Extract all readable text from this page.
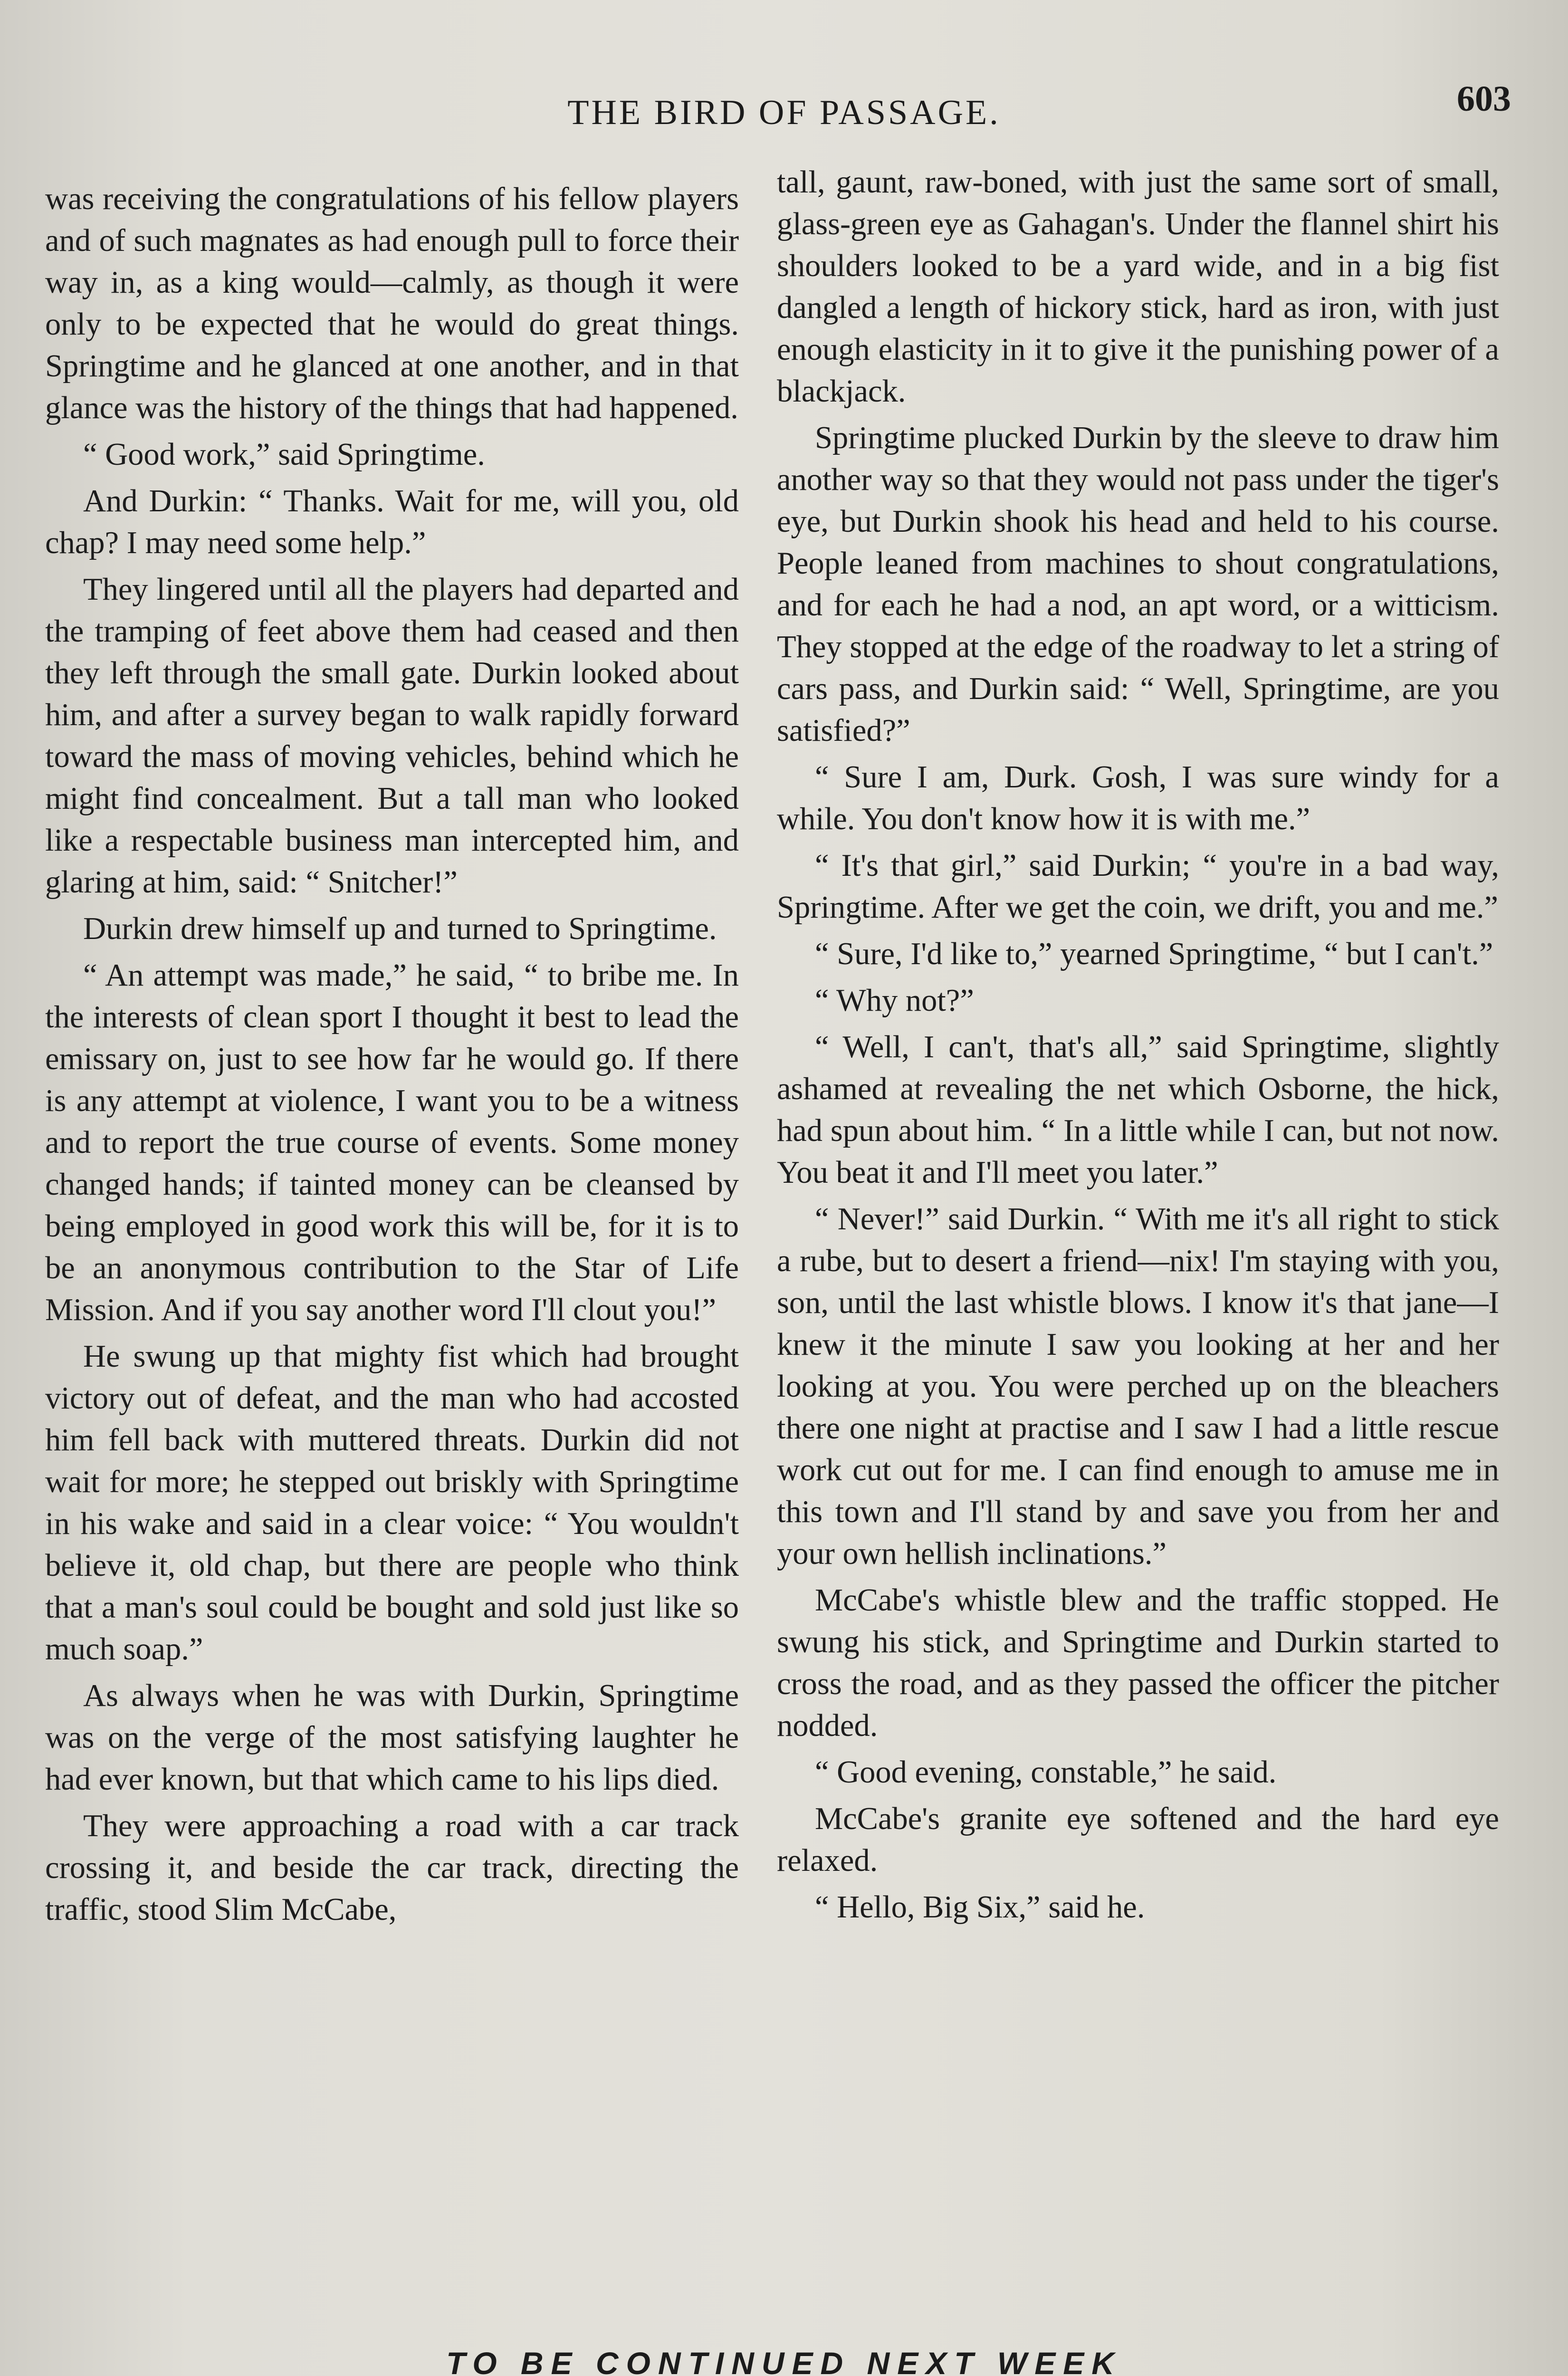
THE BIRD OF PASSAGE.	603

was receiving the congratulations of his fellow players and of such magnates as had enough pull to force their way in, as a king would—calmly, as though it were only to be expected that he would do great things. Springtime and he glanced at one another, and in that glance was the history of the things that had happened.

“ Good work,” said Springtime.

And Durkin: “ Thanks. Wait for me, will you, old chap? I may need some help.”

They lingered until all the players had departed and the tramping of feet above them had ceased and then they left through the small gate. Durkin looked about him, and after a survey began to walk rapidly forward toward the mass of moving vehicles, behind which he might find concealment. But a tall man who looked like a respectable business man intercepted him, and glaring at him, said: “ Snitcher!”

Durkin drew himself up and turned to Springtime.

“ An attempt was made,” he said, “ to bribe me. In the interests of clean sport I thought it best to lead the emissary on, just to see how far he would go. If there is any attempt at violence, I want you to be a witness and to report the true course of events. Some money changed hands; if tainted money can be cleansed by being employed in good work this will be, for it is to be an anonymous contribution to the Star of Life Mission. And if you say another word I'll clout you!”

He swung up that mighty fist which had brought victory out of defeat, and the man who had accosted him fell back with muttered threats. Durkin did not wait for more; he stepped out briskly with Springtime in his wake and said in a clear voice: “ You wouldn't believe it, old chap, but there are people who think that a man's soul could be bought and sold just like so much soap.”

As always when he was with Durkin, Springtime was on the verge of the most satisfying laughter he had ever known, but that which came to his lips died.

They were approaching a road with a car track crossing it, and beside the car track, directing the traffic, stood Slim McCabe,

tall, gaunt, raw-boned, with just the same sort of small, glass-green eye as Gahagan's. Under the flannel shirt his shoulders looked to be a yard wide, and in a big fist dangled a length of hickory stick, hard as iron, with just enough elasticity in it to give it the punishing power of a blackjack.

Springtime plucked Durkin by the sleeve to draw him another way so that they would not pass under the tiger's eye, but Durkin shook his head and held to his course. People leaned from machines to shout congratulations, and for each he had a nod, an apt word, or a witticism. They stopped at the edge of the roadway to let a string of cars pass, and Durkin said: “ Well, Springtime, are you satisfied?”

“ Sure I am, Durk. Gosh, I was sure windy for a while. You don't know how it is with me.”

“ It's that girl,” said Durkin; “ you're in a bad way, Springtime. After we get the coin, we drift, you and me.”

“ Sure, I'd like to,” yearned Springtime, “ but I can't.”

“ Why not?”

“ Well, I can't, that's all,” said Springtime, slightly ashamed at revealing the net which Osborne, the hick, had spun about him. “ In a little while I can, but not now. You beat it and I'll meet you later.”

“ Never!” said Durkin. “ With me it's all right to stick a rube, but to desert a friend—nix! I'm staying with you, son, until the last whistle blows. I know it's that jane—I knew it the minute I saw you looking at her and her looking at you. You were perched up on the bleachers there one night at practise and I saw I had a little rescue work cut out for me. I can find enough to amuse me in this town and I'll stand by and save you from her and your own hellish inclinations.”

McCabe's whistle blew and the traffic stopped. He swung his stick, and Springtime and Durkin started to cross the road, and as they passed the officer the pitcher nodded.

“ Good evening, constable,” he said.

McCabe's granite eye softened and the hard eye relaxed.

“ Hello, Big Six,” said he.

TO BE CONTINUED NEXT WEEK
